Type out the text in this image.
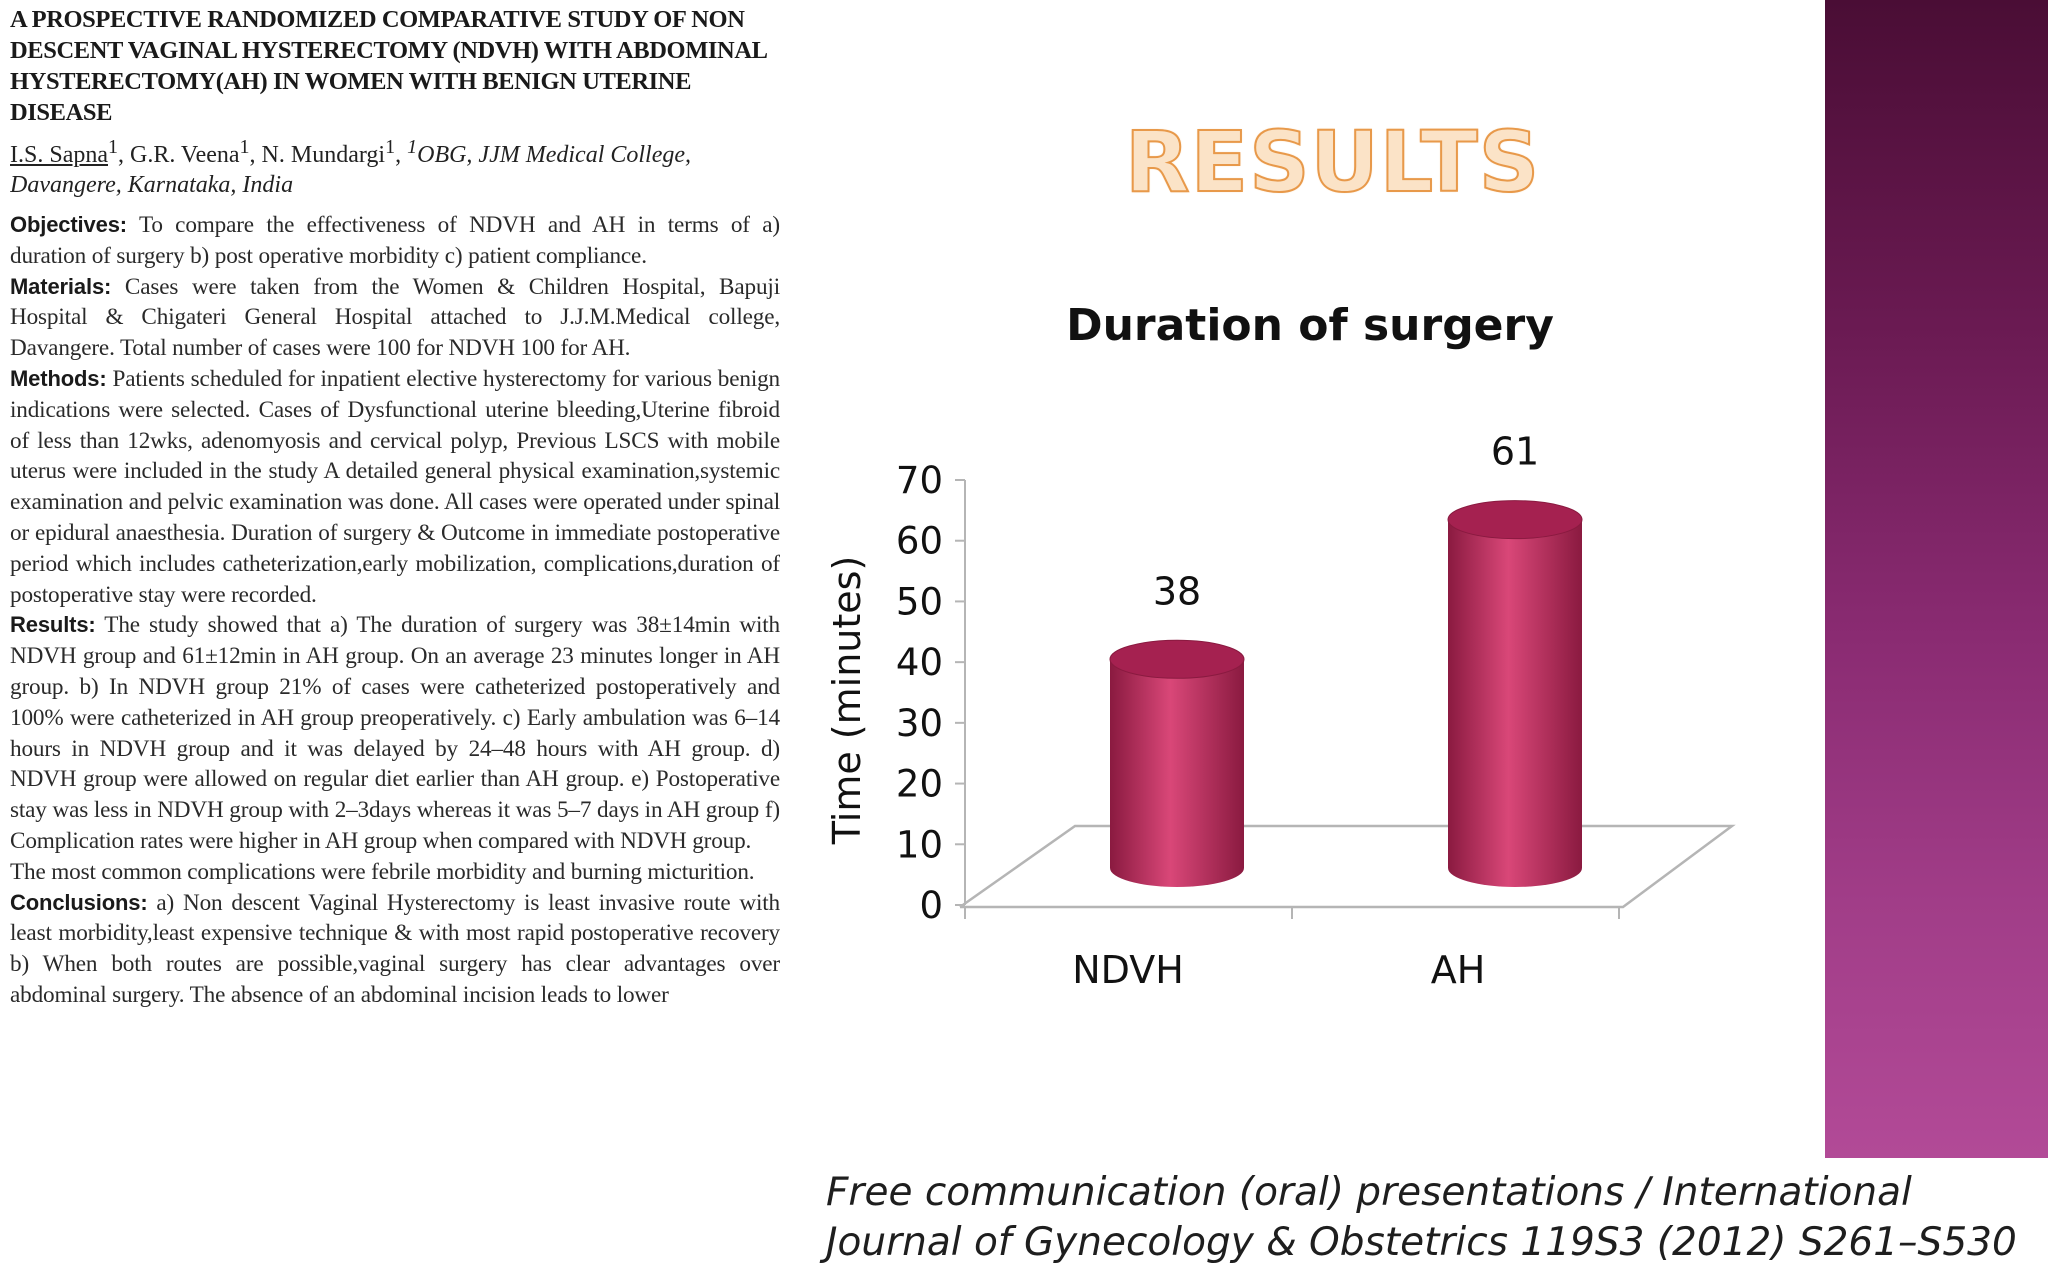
A PROSPECTIVE RANDOMIZED COMPARATIVE STUDY OF NON DESCENT VAGINAL HYSTERECTOMY (NDVH) WITH ABDOMINAL HYSTERECTOMY(AH) IN WOMEN WITH BENIGN UTERINE DISEASE
I.S. Sapna$^1$, G.R. Veena$^1$, N. Mundargi$^1$, $^1$OBG, JJM Medical College, Davangere, Karnataka, India

Objectives: To compare the effectiveness of NDVH and AH in terms of a) duration of surgery b) post operative morbidity c) patient compliance.

Materials: Cases were taken from the Women & Children Hospital, Bapuji Hospital & Chigateri General Hospital attached to J.J.M.Medical college, Davangere. Total number of cases were 100 for NDVH 100 for AH.

Methods: Patients scheduled for inpatient elective hysterectomy for various benign indications were selected. Cases of Dysfunctional uterine bleeding,Uterine fibroid of less than 12wks, adenomyosis and cervical polyp, Previous LSCS with mobile uterus were included in the study A detailed general physical examination,systemic examination and pelvic examination was done. All cases were operated under spinal or epidural anaesthesia. Duration of surgery & Outcome in immediate postoperative period which includes catheterization,early mobilization, complications,duration of postoperative stay were recorded.

Results: The study showed that a) The duration of surgery was 38±14min with NDVH group and 61±12min in AH group. On an average 23 minutes longer in AH group. b) In NDVH group 21% of cases were catheterized postoperatively and 100% were catheterized in AH group preoperatively. c) Early ambulation was 6–14 hours in NDVH group and it was delayed by 24–48 hours with AH group. d) NDVH group were allowed on regular diet earlier than AH group. e) Postoperative stay was less in NDVH group with 2–3days whereas it was 5–7 days in AH group f) Complication rates were higher in AH group when compared with NDVH group.

The most common complications were febrile morbidity and burning micturition.

Conclusions: a) Non descent Vaginal Hysterectomy is least invasive route with least morbidity,least expensive technique & with most rapid postoperative recovery b) When both routes are possible,vaginal surgery has clear advantages over abdominal surgery. The absence of an abdominal incision leads to lower

RESULTS
Duration of surgery
Time (minutes)
0
10
20
30
40
50
60
70
38
61
NDVH	AH
Free communication (oral) presentations / International
Journal of Gynecology & Obstetrics 119S3 (2012) S261–S530
